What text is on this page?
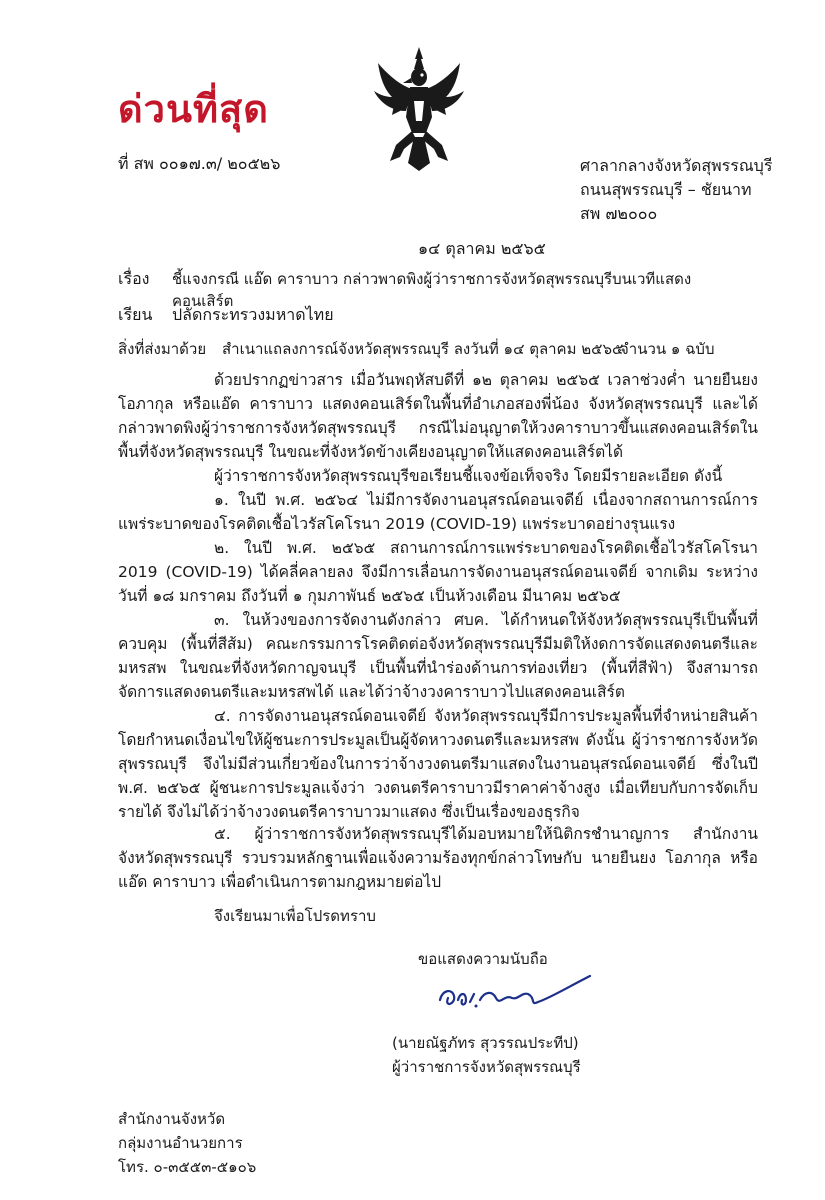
ด่วนที่สุด
ที่ สพ ๐๐๑๗.๓/ ๒๐๕๒๖	ศาลากลางจังหวัดสุพรรณบุรี
ถนนสุพรรณบุรี – ชัยนาท
สพ ๗๒๐๐๐
๑๔ ตุลาคม ๒๕๖๕
เรื่อง ชี้แจงกรณี แอ๊ด คาราบาว กล่าวพาดพิงผู้ว่าราชการจังหวัดสุพรรณบุรีบนเวทีแสดงคอนเสิร์ต
เรียน ปลัดกระทรวงมหาดไทย
สิ่งที่ส่งมาด้วย สำเนาแถลงการณ์จังหวัดสุพรรณบุรี ลงวันที่ ๑๔ ตุลาคม ๒๕๖๕
จำนวน ๑ ฉบับ
ด้วยปรากฏข่าวสาร เมื่อวันพฤหัสบดีที่ ๑๒ ตุลาคม ๒๕๖๕ เวลาช่วงค่ำ นายยืนยง โอภากุล หรือแอ๊ด คาราบาว แสดงคอนเสิร์ตในพื้นที่อำเภอสองพี่น้อง จังหวัดสุพรรณบุรี และได้กล่าวพาดพิงผู้ว่าราชการจังหวัดสุพรรณบุรี กรณีไม่อนุญาตให้วงคาราบาวขึ้นแสดงคอนเสิร์ตในพื้นที่จังหวัดสุพรรณบุรี ในขณะที่จังหวัดข้างเคียงอนุญาตให้แสดงคอนเสิร์ตได้
ผู้ว่าราชการจังหวัดสุพรรณบุรีขอเรียนชี้แจงข้อเท็จจริง โดยมีรายละเอียด ดังนี้
๑. ในปี พ.ศ. ๒๕๖๔ ไม่มีการจัดงานอนุสรณ์ดอนเจดีย์ เนื่องจากสถานการณ์การแพร่ระบาดของโรคติดเชื้อไวรัสโคโรนา 2019 (COVID-19) แพร่ระบาดอย่างรุนแรง
๒. ในปี พ.ศ. ๒๕๖๕ สถานการณ์การแพร่ระบาดของโรคติดเชื้อไวรัสโคโรนา 2019 (COVID-19) ได้คลี่คลายลง จึงมีการเลื่อนการจัดงานอนุสรณ์ดอนเจดีย์ จากเดิม ระหว่างวันที่ ๑๘ มกราคม ถึงวันที่ ๑ กุมภาพันธ์ ๒๕๖๕ เป็นห้วงเดือน มีนาคม ๒๕๖๕
๓. ในห้วงของการจัดงานดังกล่าว ศบค. ได้กำหนดให้จังหวัดสุพรรณบุรีเป็นพื้นที่ควบคุม (พื้นที่สีส้ม) คณะกรรมการโรคติดต่อจังหวัดสุพรรณบุรีมีมติให้งดการจัดแสดงดนตรีและมหรสพ ในขณะที่จังหวัดกาญจนบุรี เป็นพื้นที่นำร่องด้านการท่องเที่ยว (พื้นที่สีฟ้า) จึงสามารถจัดการแสดงดนตรีและมหรสพได้ และได้ว่าจ้างวงคาราบาวไปแสดงคอนเสิร์ต
๔. การจัดงานอนุสรณ์ดอนเจดีย์ จังหวัดสุพรรณบุรีมีการประมูลพื้นที่จำหน่ายสินค้า โดยกำหนดเงื่อนไขให้ผู้ชนะการประมูลเป็นผู้จัดหาวงดนตรีและมหรสพ ดังนั้น ผู้ว่าราชการจังหวัดสุพรรณบุรี จึงไม่มีส่วนเกี่ยวข้องในการว่าจ้างวงดนตรีมาแสดงในงานอนุสรณ์ดอนเจดีย์ ซึ่งในปี พ.ศ. ๒๕๖๕ ผู้ชนะการประมูลแจ้งว่า วงดนตรีคาราบาวมีราคาค่าจ้างสูง เมื่อเทียบกับการจัดเก็บรายได้ จึงไม่ได้ว่าจ้างวงดนตรีคาราบาวมาแสดง ซึ่งเป็นเรื่องของธุรกิจ
๕. ผู้ว่าราชการจังหวัดสุพรรณบุรีได้มอบหมายให้นิติกรชำนาญการ สำนักงานจังหวัดสุพรรณบุรี รวบรวมหลักฐานเพื่อแจ้งความร้องทุกข์กล่าวโทษกับ นายยืนยง โอภากุล หรือแอ๊ด คาราบาว เพื่อดำเนินการตามกฎหมายต่อไป
จึงเรียนมาเพื่อโปรดทราบ
ขอแสดงความนับถือ
(นายณัฐภัทร สุวรรณประทีป)
ผู้ว่าราชการจังหวัดสุพรรณบุรี
สำนักงานจังหวัด
กลุ่มงานอำนวยการ
โทร. ๐-๓๕๕๓-๕๑๐๖
